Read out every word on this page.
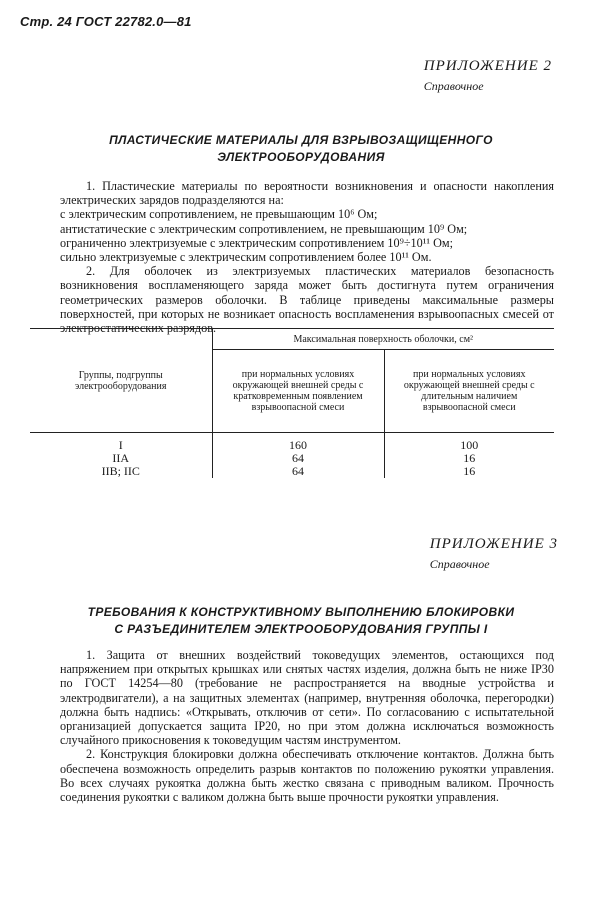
Стр. 24 ГОСТ 22782.0—81
ПРИЛОЖЕНИЕ 2
Справочное
ПЛАСТИЧЕСКИЕ МАТЕРИАЛЫ ДЛЯ ВЗРЫВОЗАЩИЩЕННОГО
ЭЛЕКТРООБОРУДОВАНИЯ

1. Пластические материалы по вероятности возникновения и опасности накопления электрических зарядов подразделяются на:

с электрическим сопротивлением, не превышающим 10⁶ Ом;

антистатические с электрическим сопротивлением, не превышающим 10⁹ Ом;

ограниченно электризуемые с электрическим сопротивлением 10⁹÷10¹¹ Ом;

сильно электризуемые с электрическим сопротивлением более 10¹¹ Ом.

2. Для оболочек из электризуемых пластических материалов безопасность возникновения воспламеняющего заряда может быть достигнута путем ограничения геометрических размеров оболочки. В таблице приведены максимальные размеры поверхностей, при которых не возникает опасность воспламенения взрывоопасных смесей от электростатических разрядов.

Группы, подгруппы электрооборудования	Максимальная поверхность оболочки, см²	
	при нормальных условиях окружающей внешней среды с кратковременным появлением взрывоопасной смеси	при нормальных условиях окружающей внешней среды с длительным наличием взрывоопасной смеси
I	160	100
IIA	64	16
IIB; IIC	64	16
ПРИЛОЖЕНИЕ 3
Справочное
ТРЕБОВАНИЯ К КОНСТРУКТИВНОМУ ВЫПОЛНЕНИЮ БЛОКИРОВКИ
С РАЗЪЕДИНИТЕЛЕМ ЭЛЕКТРООБОРУДОВАНИЯ ГРУППЫ I

1. Защита от внешних воздействий токоведущих элементов, остающихся под напряжением при открытых крышках или снятых частях изделия, должна быть не ниже IP30 по ГОСТ 14254—80 (требование не распространяется на вводные устройства и электродвигатели), а на защитных элементах (например, внутренняя оболочка, перегородки) должна быть надпись: «Открывать, отключив от сети». По согласованию с испытательной организацией допускается защита IP20, но при этом должна исключаться возможность случайного прикосновения к токоведущим частям инструментом.

2. Конструкция блокировки должна обеспечивать отключение контактов. Должна быть обеспечена возможность определить разрыв контактов по положению рукоятки управления. Во всех случаях рукоятка должна быть жестко связана с приводным валиком. Прочность соединения рукоятки с валиком должна быть выше прочности рукоятки управления.
